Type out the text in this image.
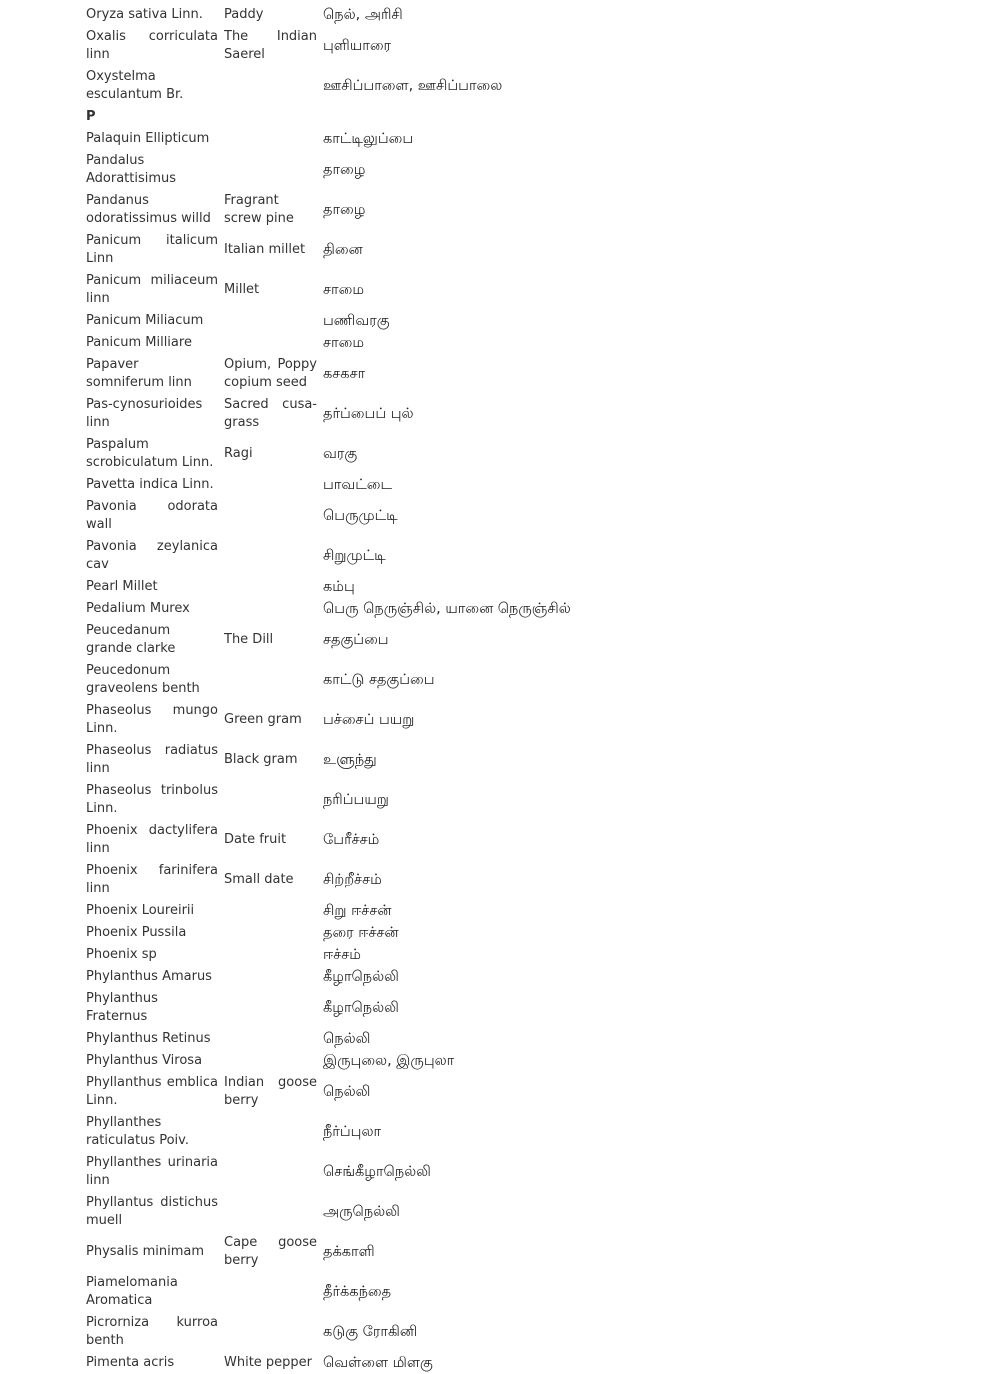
Oryza sativa Linn.	Paddy	நெல், அரிசி
Oxalis corriculata linn	The Indian Saerel	புளியாரை
Oxystelma esculantum Br.		ஊசிப்பாளை, ஊசிப்பாலை
P		
Palaquin Ellipticum		காட்டிலுப்பை
Pandalus Adorattisimus		தாழை
Pandanus odoratissimus willd	Fragrant screw pine	தாழை
Panicum italicum Linn	Italian millet	தினை
Panicum miliaceum linn	Millet	சாமை
Panicum Miliacum		பணிவரகு
Panicum Milliare		சாமை
Papaver somniferum linn	Opium, Poppy copium seed	கசகசா
Pas-cynosurioides linn	Sacred cusa-grass	தர்ப்பைப் புல்
Paspalum scrobiculatum Linn.	Ragi	வரகு
Pavetta indica Linn.		பாவட்டை
Pavonia odorata wall		பெருமுட்டி
Pavonia zeylanica cav		சிறுமுட்டி
Pearl Millet		கம்பு
Pedalium Murex		பெரு நெருஞ்சில், யானை நெருஞ்சில்
Peucedanum grande clarke	The Dill	சதகுப்பை
Peucedonum graveolens benth		காட்டு சதகுப்பை
Phaseolus mungo Linn.	Green gram	பச்சைப் பயறு
Phaseolus radiatus linn	Black gram	உளுந்து
Phaseolus trinbolus Linn.		நரிப்பயறு
Phoenix dactylifera linn	Date fruit	பேரீச்சம்
Phoenix farinifera linn	Small date	சிற்றீச்சம்
Phoenix Loureirii		சிறு ஈச்சன்
Phoenix Pussila		தரை ஈச்சன்
Phoenix sp		ஈச்சம்
Phylanthus Amarus		கீழாநெல்லி
Phylanthus Fraternus		கீழாநெல்லி
Phylanthus Retinus		நெல்லி
Phylanthus Virosa		இருபுலை, இருபுலா
Phyllanthus emblica Linn.	Indian goose berry	நெல்லி
Phyllanthes raticulatus Poiv.		நீர்ப்புலா
Phyllanthes urinaria linn		செங்கீழாநெல்லி
Phyllantus distichus muell		அருநெல்லி
Physalis minimam	Cape goose berry	தக்காளி
Piamelomania Aromatica		தீர்க்கந்தை
Picrorniza kurroa benth		கடுகு ரோகினி
Pimenta acris	White pepper	வெள்ளை மிளகு
